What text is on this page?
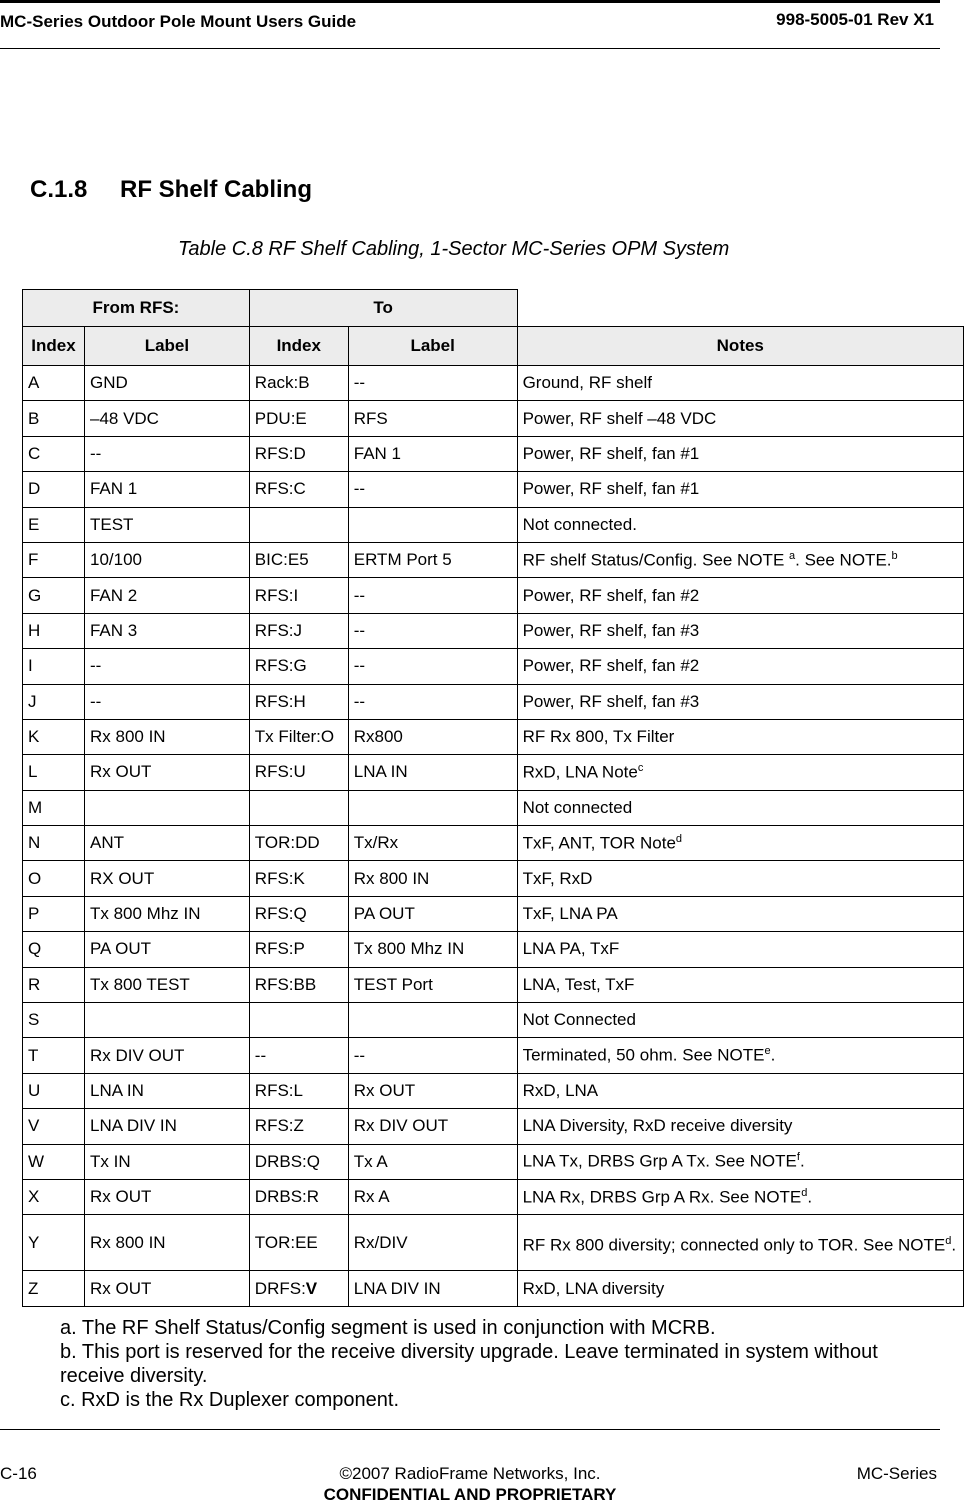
MC-Series Outdoor Pole Mount Users Guide	998-5005-01 Rev X1
C.1.8 RF Shelf Cabling
Table C.8 RF Shelf Cabling, 1-Sector MC-Series OPM System
From RFS:		To		
Index	Label	Index	Label	Notes
A	GND	Rack:B	--	Ground, RF shelf
B	–48 VDC	PDU:E	RFS	Power, RF shelf –48 VDC
C	--	RFS:D	FAN 1	Power, RF shelf, fan #1
D	FAN 1	RFS:C	--	Power, RF shelf, fan #1
E	TEST			Not connected.
F	10/100	BIC:E5	ERTM Port 5	RF shelf Status/Config. See NOTE $^a$. See NOTE.$^b$
G	FAN 2	RFS:I	--	Power, RF shelf, fan #2
H	FAN 3	RFS:J	--	Power, RF shelf, fan #3
I	--	RFS:G	--	Power, RF shelf, fan #2
J	--	RFS:H	--	Power, RF shelf, fan #3
K	Rx 800 IN	Tx Filter:O	Rx800	RF Rx 800, Tx Filter
L	Rx OUT	RFS:U	LNA IN	RxD, LNA Note$^c$
M				Not connected
N	ANT	TOR:DD	Tx/Rx	TxF, ANT, TOR Note$^d$
O	RX OUT	RFS:K	Rx 800 IN	TxF, RxD
P	Tx 800 Mhz IN	RFS:Q	PA OUT	TxF, LNA PA
Q	PA OUT	RFS:P	Tx 800 Mhz IN	LNA PA, TxF
R	Tx 800 TEST	RFS:BB	TEST Port	LNA, Test, TxF
S				Not Connected
T	Rx DIV OUT	--	--	Terminated, 50 ohm. See NOTE$^e$.
U	LNA IN	RFS:L	Rx OUT	RxD, LNA
V	LNA DIV IN	RFS:Z	Rx DIV OUT	LNA Diversity, RxD receive diversity
W	Tx IN	DRBS:Q	Tx A	LNA Tx, DRBS Grp A Tx. See NOTE$^f$.
X	Rx OUT	DRBS:R	Rx A	LNA Rx, DRBS Grp A Rx. See NOTE$^d$.
Y	Rx 800 IN	TOR:EE	Rx/DIV	RF Rx 800 diversity; connected only to TOR. See NOTE$^d$.
Z	Rx OUT	DRFS:V	LNA DIV IN	RxD, LNA diversity
a. The RF Shelf Status/Config segment is used in conjunction with MCRB.
b. This port is reserved for the receive diversity upgrade. Leave terminated in system without receive diversity.
c. RxD is the Rx Duplexer component.
C-16	©2007 RadioFrame Networks, Inc.	MC-Series
CONFIDENTIAL AND PROPRIETARY
